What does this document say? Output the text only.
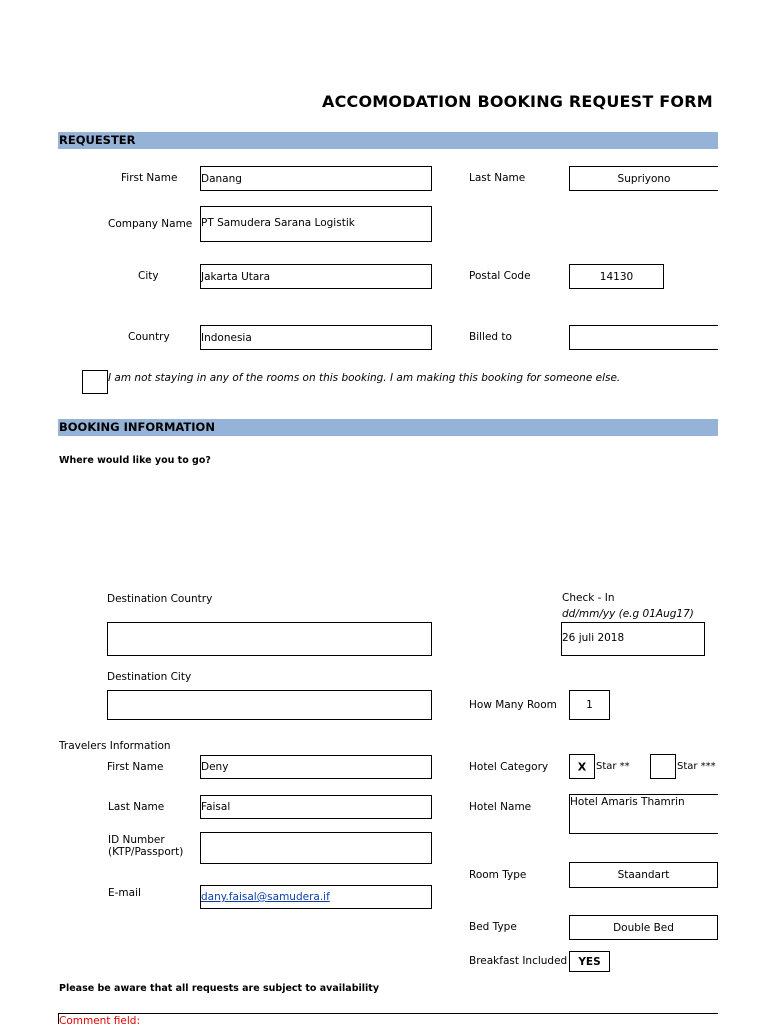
ACCOMODATION BOOKING REQUEST FORM
REQUESTER
First Name Danang	Last Name	Supriyono
Company Name PT Samudera Sarana Logistik
City	Jakarta Utara	Postal Code	14130
Country	Indonesia	Billed to
I am not staying in any of the rooms on this booking. I am making this booking for someone else.
BOOKING INFORMATION
Where would like you to go?
Destination Country	Check - In
dd/mm/yy (e.g 01Aug17)
26 juli 2018
Destination City
How Many Room	1
Travelers Information
First Name	Deny	Hotel Category	X Star **	Star ***
Last Name	Faisal	Hotel Name	Hotel Amaris Thamrin
ID Number
(KTP/Passport)
Room Type	Staandart
E-mail	dany.faisal@samudera.if
Bed Type	Double Bed
Breakfast Included	YES
Please be aware that all requests are subject to availability
Comment field:
